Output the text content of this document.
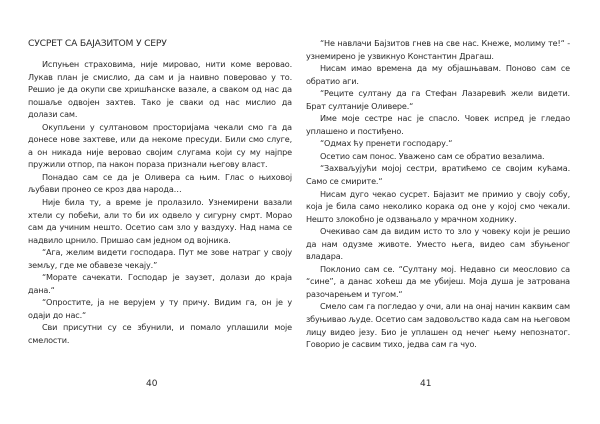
СУСРЕТ СА БАЈАЗИТОМ У СЕРУ

Испуњен страховима, није мировао, нити коме веровао. Лукав план је смислио, да сам и ја наивно поверовао у то. Решио је да окупи све хришћанске вазале, а сваком од нас да пошаље одвојен захтев. Тако је сваки од нас мислио да долази сам.

Окупљени у султановом просторијама чекали смо га да донесе нове захтеве, или да некоме пресуди. Били смо слуге, а он никада није веровао својим слугама који су му најпре пружили отпор, па након пораза признали његову власт.

Понадао сам се да је Оливера са њим. Глас о њиховој љубави пронео се кроз два народа…

Није била ту, а време је пролазило. Узнемирени вазали хтели су побећи, али то би их одвело у сигурну смрт. Морао сам да учиним нешто. Осетио сам зло у ваздуху. Над нама се надвило црнило. Пришао сам једном од војника.

“Ага, желим видети господара. Пут ме зове натраг у своју земљу, где ме обавезе чекају.”

“Морате сачекати. Господар је заузет, долази до краја дана.“

“Опростите, ја не верујем у ту причу. Видим га, он је у одаји до нас.“

Сви присутни су се збунили, и помало уплашили моје смелости.

40

“Не навлачи Бајзитов гнев на све нас. Кнеже, молиму те!“ - узнемирено је узвикнуо Константин Драгаш.

Нисам имао времена да му објашњавам. Поново сам се обратио аги.

“Реците султану да га Стефан Лазаревић жели видети. Брат султаније Оливере.“

Име моје сестре нас је спасло. Човек испред је гледао уплашено и постиђено.

“Одмах ћу пренети господару.“

Осетио сам понос. Уважено сам се обратио везалима.

“Захваљујући мојој сестри, вратићемо се својим кућама. Само се смирите.“

Нисам дуго чекао сусрет. Бајазит ме примио у своју собу, која је била само неколико корака од оне у којој смо чекали. Нешто злокобно је одзвањало у мрачном ходнику.

Очекивао сам да видим исто то зло у човеку који је решио да нам одузме животе. Уместо њега, видео сам збуњеног владара.

Поклонио сам се. “Султану мој. Недавно си меословио са “сине”, а данас хоћеш да ме убијеш. Моја душа је затрована разочарењем и тугом.“

Смело сам га погледао у очи, али на онај начин каквим сам збуњивао људе. Осетио сам задовољство када сам на његовом лицу видео језу. Био је уплашен од нечег њему непознатог. Говорио је сасвим тихо, једва сам га чуо.

41
